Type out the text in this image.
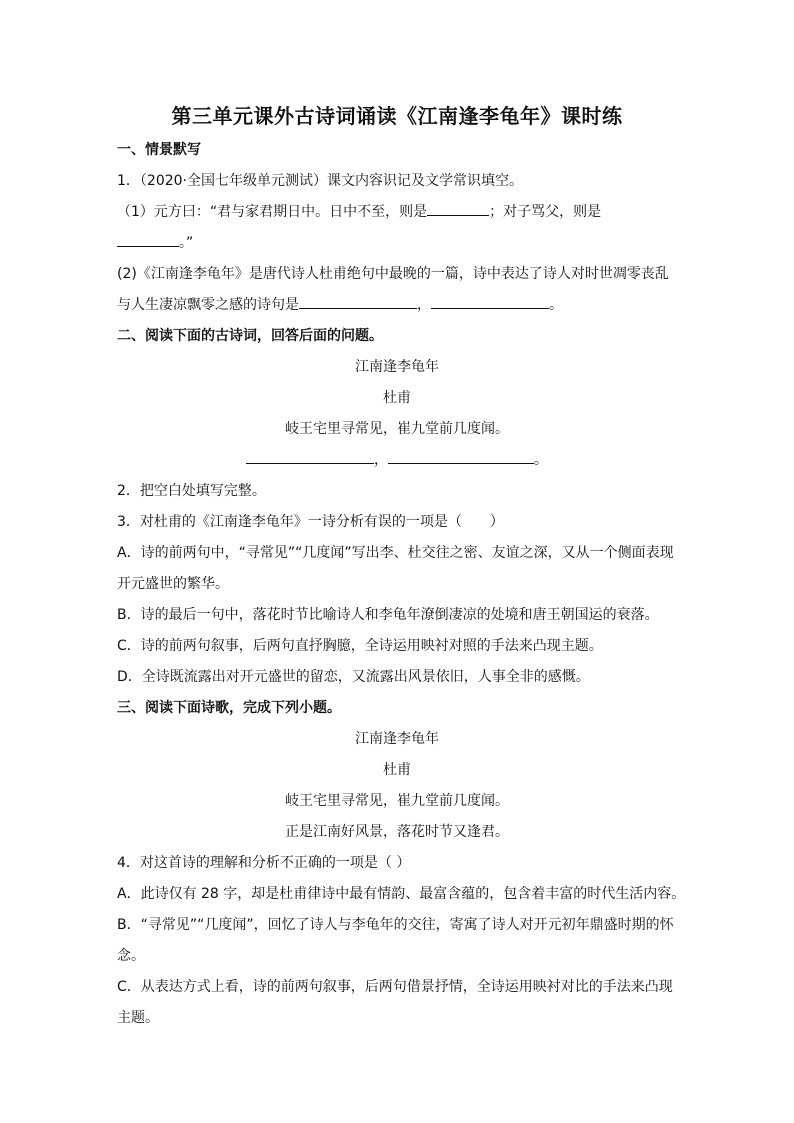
第三单元课外古诗词诵读《江南逢李龟年》课时练
一、情景默写
1．（2020·全国七年级单元测试）课文内容识记及文学常识填空。
（1）元方曰：“君与家君期日中。日中不至，则是	；对子骂父，则是
。”
(2)《江南逢李龟年》是唐代诗人杜甫绝句中最晚的一篇，诗中表达了诗人对时世凋零丧乱
与人生凄凉飘零之感的诗句是	，	。
二、阅读下面的古诗词，回答后面的问题。
江南逢李龟年
杜甫
岐王宅里寻常见，崔九堂前几度闻。
，	。
2．把空白处填写完整。
3．对杜甫的《江南逢李龟年》一诗分析有误的一项是（　　）
A．诗的前两句中，“寻常见”“几度闻”写出李、杜交往之密、友谊之深，又从一个侧面表现
开元盛世的繁华。
B．诗的最后一句中，落花时节比喻诗人和李龟年潦倒凄凉的处境和唐王朝国运的衰落。
C．诗的前两句叙事，后两句直抒胸臆，全诗运用映衬对照的手法来凸现主题。
D．全诗既流露出对开元盛世的留恋，又流露出风景依旧，人事全非的感慨。
三、阅读下面诗歌，完成下列小题。
江南逢李龟年
杜甫
岐王宅里寻常见，崔九堂前几度闻。
正是江南好风景，落花时节又逢君。
4．对这首诗的理解和分析不正确的一项是（ ）
A．此诗仅有 28 字，却是杜甫律诗中最有情韵、最富含蕴的，包含着丰富的时代生活内容。
B．“寻常见”“几度闻”，回忆了诗人与李龟年的交往，寄寓了诗人对开元初年鼎盛时期的怀
念。
C．从表达方式上看，诗的前两句叙事，后两句借景抒情，全诗运用映衬对比的手法来凸现
主题。
